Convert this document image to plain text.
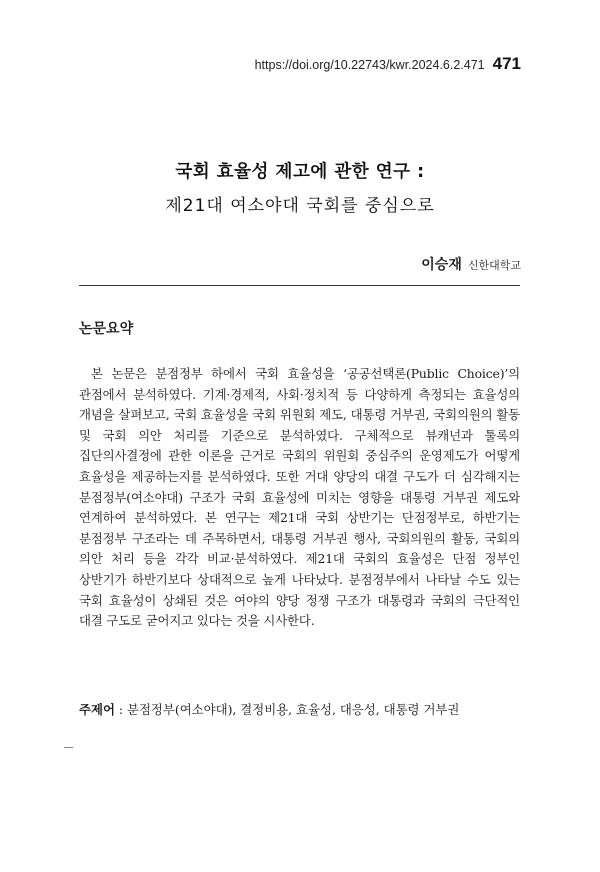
https://doi.org/10.22743/kwr.2024.6.2.471 471
국회 효율성 제고에 관한 연구 :
제21대 여소야대 국회를 중심으로
이승재 신한대학교
논문요약
본 논문은 분점정부 하에서 국회 효율성을 ‘공공선택론(Public Choice)’의 관점에서 분석하였다. 기계·경제적, 사회·정치적 등 다양하게 측정되는 효율성의 개념을 살펴보고, 국회 효율성을 국회 위원회 제도, 대통령 거부권, 국회의원의 활동 및 국회 의안 처리를 기준으로 분석하였다. 구체적으로 뷰캐넌과 툴록의 집단의사결정에 관한 이론을 근거로 국회의 위원회 중심주의 운영제도가 어떻게 효율성을 제공하는지를 분석하였다. 또한 거대 양당의 대결 구도가 더 심각해지는 분점정부(여소야대) 구조가 국회 효율성에 미치는 영향을 대통령 거부권 제도와 연계하여 분석하였다. 본 연구는 제21대 국회 상반기는 단점정부로, 하반기는 분점정부 구조라는 데 주목하면서, 대통령 거부권 행사, 국회의원의 활동, 국회의 의안 처리 등을 각각 비교·분석하였다. 제21대 국회의 효율성은 단점 정부인 상반기가 하반기보다 상대적으로 높게 나타났다. 분점정부에서 나타날 수도 있는 국회 효율성이 상쇄된 것은 여야의 양당 정쟁 구조가 대통령과 국회의 극단적인 대결 구도로 굳어지고 있다는 것을 시사한다.
주제어 : 분점정부(여소야대), 결정비용, 효율성, 대응성, 대통령 거부권
